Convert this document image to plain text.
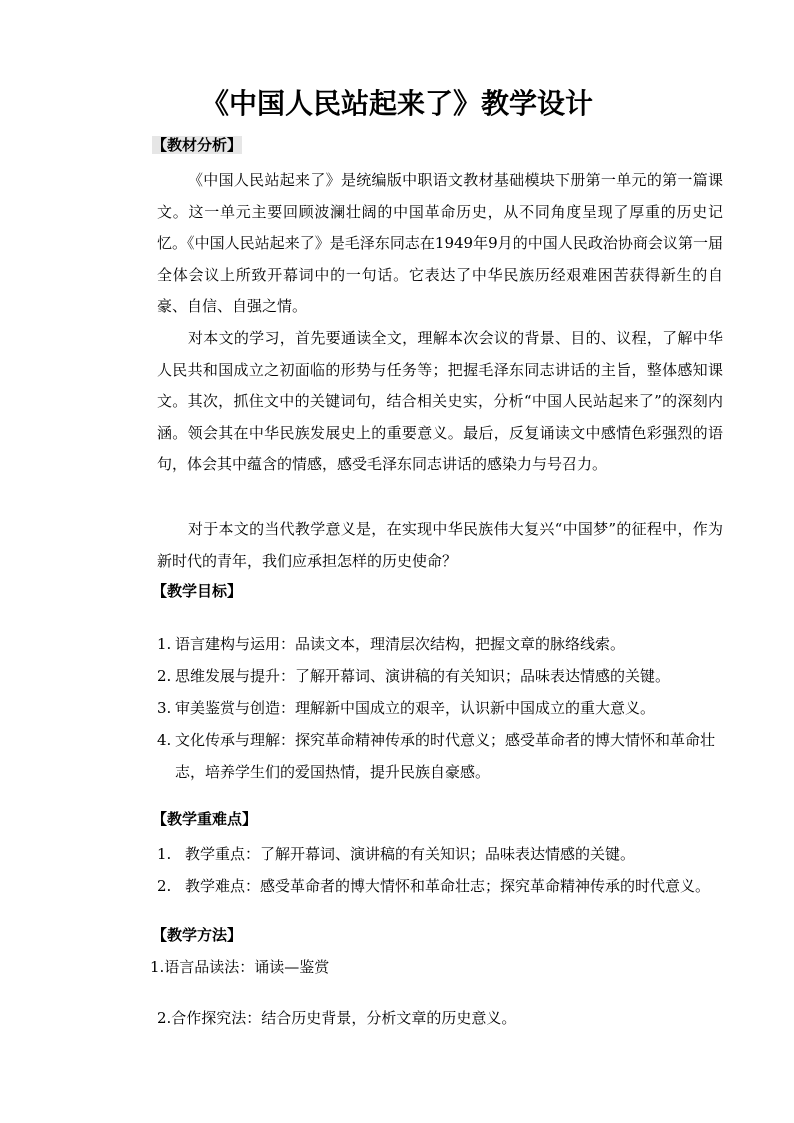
《中国人民站起来了》教学设计
【教材分析】

《中国人民站起来了》是统编版中职语文教材基础模块下册第一单元的第一篇课文。这一单元主要回顾波澜壮阔的中国革命历史，从不同角度呈现了厚重的历史记忆。《中国人民站起来了》是毛泽东同志在1949年9月的中国人民政治协商会议第一届全体会议上所致开幕词中的一句话。它表达了中华民族历经艰难困苦获得新生的自豪、自信、自强之情。

对本文的学习，首先要通读全文，理解本次会议的背景、目的、议程，了解中华人民共和国成立之初面临的形势与任务等；把握毛泽东同志讲话的主旨，整体感知课文。其次，抓住文中的关键词句，结合相关史实，分析“中国人民站起来了”的深刻内涵。领会其在中华民族发展史上的重要意义。最后，反复诵读文中感情色彩强烈的语句，体会其中蕴含的情感，感受毛泽东同志讲话的感染力与号召力。

对于本文的当代教学意义是，在实现中华民族伟大复兴“中国梦”的征程中，作为新时代的青年，我们应承担怎样的历史使命？

【教学目标】
1. 语言建构与运用：品读文本，理清层次结构，把握文章的脉络线索。
2. 思维发展与提升：了解开幕词、演讲稿的有关知识；品味表达情感的关键。
3. 审美鉴赏与创造：理解新中国成立的艰辛，认识新中国成立的重大意义。
4. 文化传承与理解：探究革命精神传承的时代意义；感受革命者的博大情怀和革命壮志，培养学生们的爱国热情，提升民族自豪感。
【教学重难点】
1. 教学重点：了解开幕词、演讲稿的有关知识；品味表达情感的关键。
2. 教学难点：感受革命者的博大情怀和革命壮志；探究革命精神传承的时代意义。
【教学方法】
1.语言品读法：诵读—鉴赏
2.合作探究法：结合历史背景，分析文章的历史意义。
